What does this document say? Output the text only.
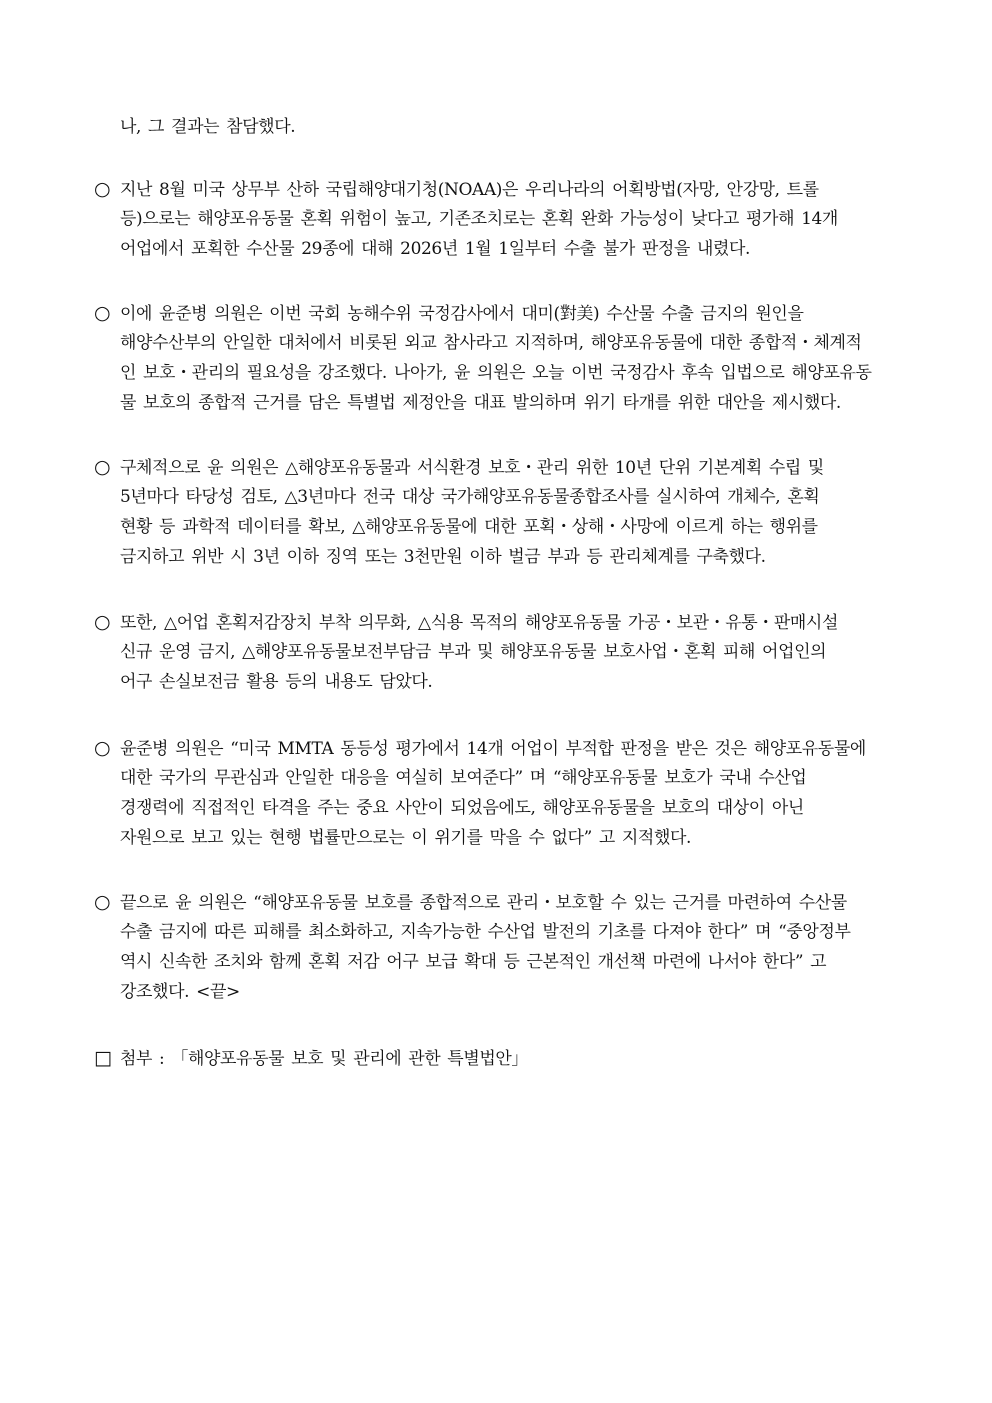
나, 그 결과는 참담했다.
○ 지난 8월 미국 상무부 산하 국립해양대기청(NOAA)은 우리나라의 어획방법(자망, 안강망, 트롤
등)으로는 해양포유동물 혼획 위험이 높고, 기존조치로는 혼획 완화 가능성이 낮다고 평가해 14개
어업에서 포획한 수산물 29종에 대해 2026년 1월 1일부터 수출 불가 판정을 내렸다.
○ 이에 윤준병 의원은 이번 국회 농해수위 국정감사에서 대미(對美) 수산물 수출 금지의 원인을
해양수산부의 안일한 대처에서 비롯된 외교 참사라고 지적하며, 해양포유동물에 대한 종합적・체계적
인 보호・관리의 필요성을 강조했다. 나아가, 윤 의원은 오늘 이번 국정감사 후속 입법으로 해양포유동
물 보호의 종합적 근거를 담은 특별법 제정안을 대표 발의하며 위기 타개를 위한 대안을 제시했다.
○ 구체적으로 윤 의원은 △해양포유동물과 서식환경 보호・관리 위한 10년 단위 기본계획 수립 및
5년마다 타당성 검토, △3년마다 전국 대상 국가해양포유동물종합조사를 실시하여 개체수, 혼획
현황 등 과학적 데이터를 확보, △해양포유동물에 대한 포획・상해・사망에 이르게 하는 행위를
금지하고 위반 시 3년 이하 징역 또는 3천만원 이하 벌금 부과 등 관리체계를 구축했다.
○ 또한, △어업 혼획저감장치 부착 의무화, △식용 목적의 해양포유동물 가공・보관・유통・판매시설
신규 운영 금지, △해양포유동물보전부담금 부과 및 해양포유동물 보호사업・혼획 피해 어업인의
어구 손실보전금 활용 등의 내용도 담았다.
○ 윤준병 의원은 “미국 MMTA 동등성 평가에서 14개 어업이 부적합 판정을 받은 것은 해양포유동물에
대한 국가의 무관심과 안일한 대응을 여실히 보여준다” 며 “해양포유동물 보호가 국내 수산업
경쟁력에 직접적인 타격을 주는 중요 사안이 되었음에도, 해양포유동물을 보호의 대상이 아닌
자원으로 보고 있는 현행 법률만으로는 이 위기를 막을 수 없다” 고 지적했다.
○ 끝으로 윤 의원은 “해양포유동물 보호를 종합적으로 관리・보호할 수 있는 근거를 마련하여 수산물
수출 금지에 따른 피해를 최소화하고, 지속가능한 수산업 발전의 기초를 다져야 한다” 며 “중앙정부
역시 신속한 조치와 함께 혼획 저감 어구 보급 확대 등 근본적인 개선책 마련에 나서야 한다” 고
강조했다. <끝>
□ 첨부 : 「해양포유동물 보호 및 관리에 관한 특별법안」
